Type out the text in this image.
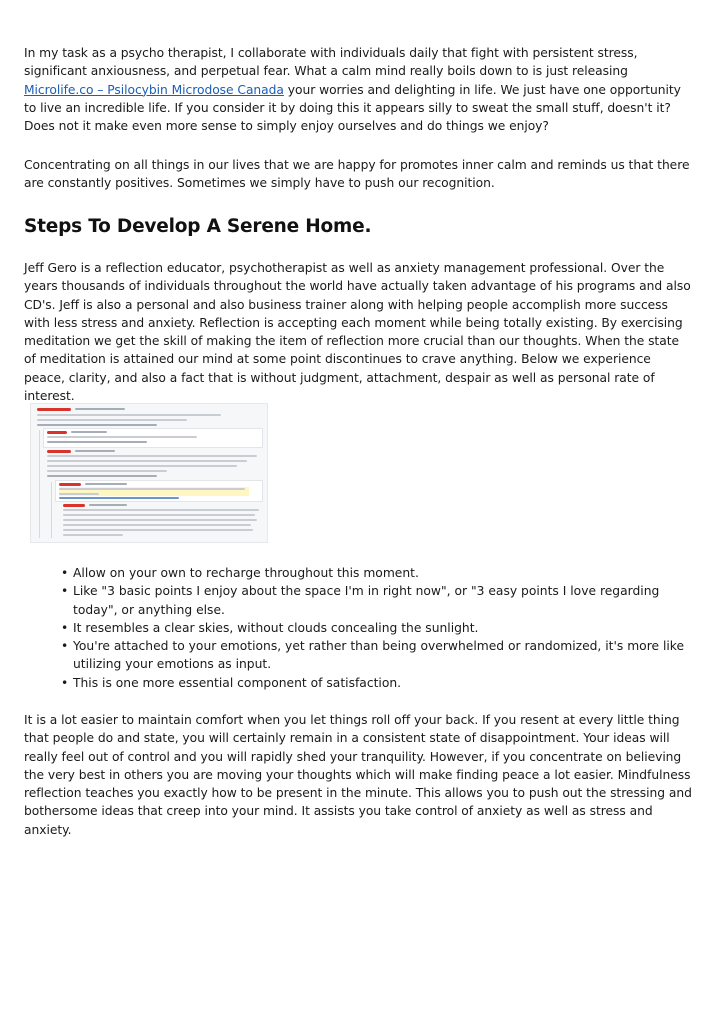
In my task as a psycho therapist, I collaborate with individuals daily that fight with persistent stress, significant anxiousness, and perpetual fear. What a calm mind really boils down to is just releasing Microlife.co – Psilocybin Microdose Canada your worries and delighting in life. We just have one opportunity to live an incredible life. If you consider it by doing this it appears silly to sweat the small stuff, doesn't it? Does not it make even more sense to simply enjoy ourselves and do things we enjoy?

Concentrating on all things in our lives that we are happy for promotes inner calm and reminds us that there are constantly positives. Sometimes we simply have to push our recognition.

Steps To Develop A Serene Home.

Jeff Gero is a reflection educator, psychotherapist as well as anxiety management professional. Over the years thousands of individuals throughout the world have actually taken advantage of his programs and also CD's. Jeff is also a personal and also business trainer along with helping people accomplish more success with less stress and anxiety. Reflection is accepting each moment while being totally existing. By exercising meditation we get the skill of making the item of reflection more crucial than our thoughts. When the state of meditation is attained our mind at some point discontinues to crave anything. Below we experience peace, clarity, and also a fact that is without judgment, attachment, despair as well as personal rate of interest.

• Allow on your own to recharge throughout this moment.
• Like "3 basic points I enjoy about the space I'm in right now", or "3 easy points I love regarding today", or anything else.
• It resembles a clear skies, without clouds concealing the sunlight.
• You're attached to your emotions, yet rather than being overwhelmed or randomized, it's more like utilizing your emotions as input.
• This is one more essential component of satisfaction.

It is a lot easier to maintain comfort when you let things roll off your back. If you resent at every little thing that people do and state, you will certainly remain in a consistent state of disappointment. Your ideas will really feel out of control and you will rapidly shed your tranquility. However, if you concentrate on believing the very best in others you are moving your thoughts which will make finding peace a lot easier. Mindfulness reflection teaches you exactly how to be present in the minute. This allows you to push out the stressing and bothersome ideas that creep into your mind. It assists you take control of anxiety as well as stress and anxiety.
